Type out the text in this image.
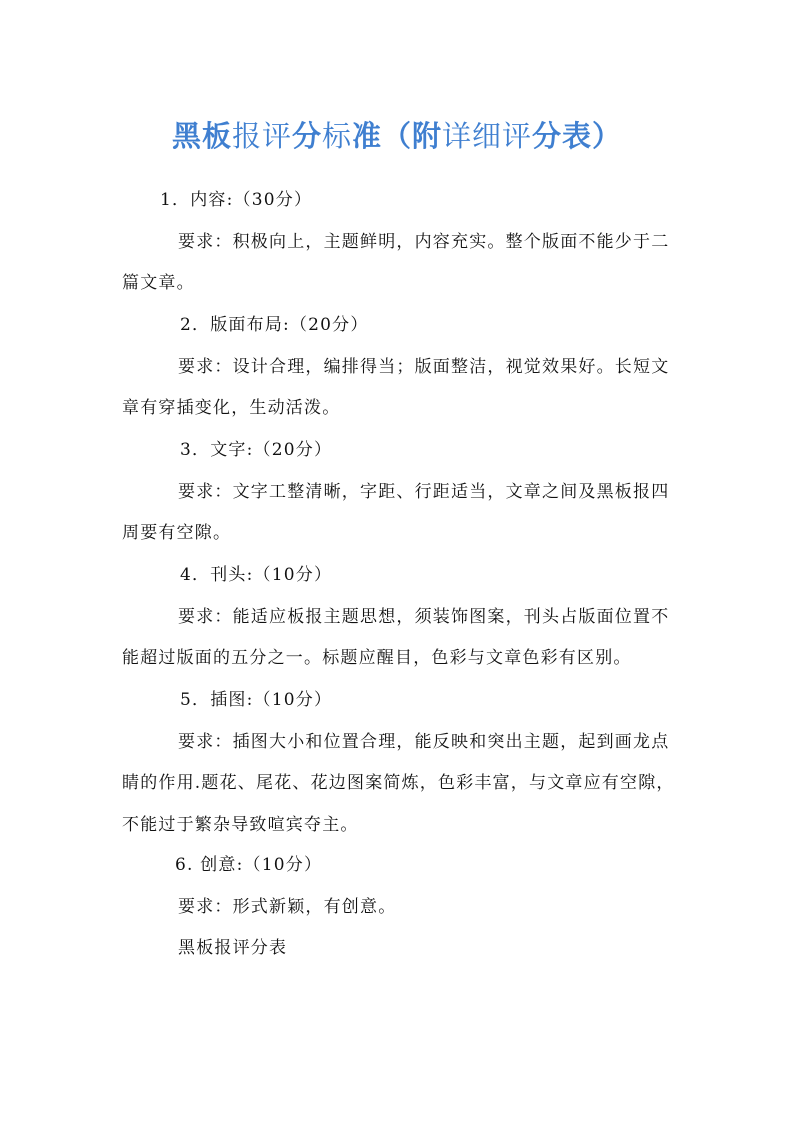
黑板报评分标准（附详细评分表）
1．内容:（30分）
要求：积极向上，主题鲜明，内容充实。整个版面不能少于二
篇文章。
2．版面布局:（20分）
要求：设计合理，编排得当；版面整洁，视觉效果好。长短文
章有穿插变化，生动活泼。
3．文字:（20分）
要求：文字工整清晰，字距、行距适当，文章之间及黑板报四
周要有空隙。
4．刊头:（10分）
要求：能适应板报主题思想，须装饰图案，刊头占版面位置不
能超过版面的五分之一。标题应醒目，色彩与文章色彩有区别。
5．插图:（10分）
要求：插图大小和位置合理，能反映和突出主题，起到画龙点
睛的作用.题花、尾花、花边图案简炼，色彩丰富，与文章应有空隙，
不能过于繁杂导致喧宾夺主。
6. 创意:（10分）
要求：形式新颖，有创意。
黑板报评分表
